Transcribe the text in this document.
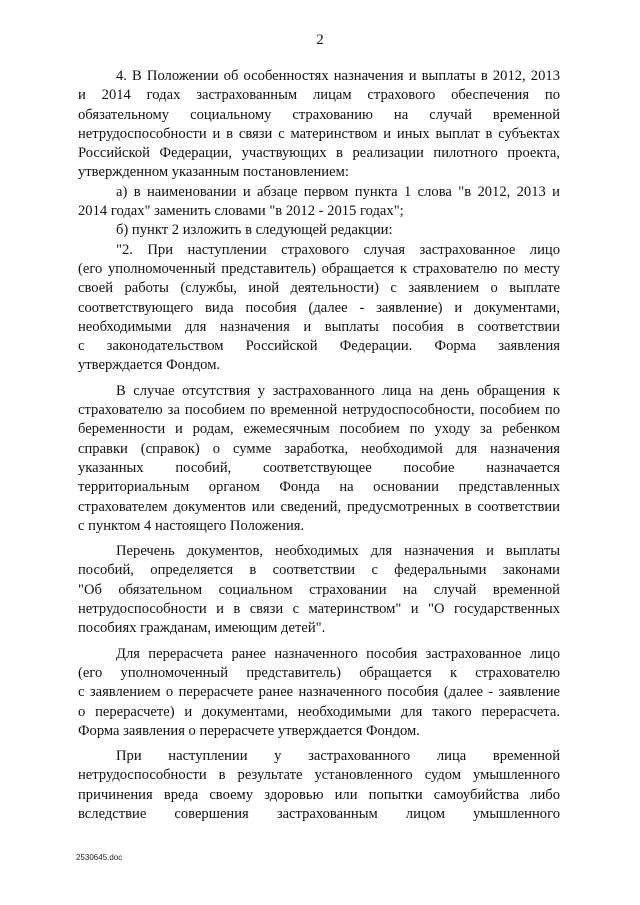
2
4. В Положении об особенностях назначения и выплаты в 2012, 2013
и 2014 годах застрахованным лицам страхового обеспечения по
обязательному социальному страхованию на случай временной
нетрудоспособности и в связи с материнством и иных выплат в субъектах
Российской Федерации, участвующих в реализации пилотного проекта,
утвержденном указанным постановлением:
а) в наименовании и абзаце первом пункта 1 слова "в 2012, 2013 и
2014 годах" заменить словами "в 2012 - 2015 годах";
б) пункт 2 изложить в следующей редакции:
"2. При наступлении страхового случая застрахованное лицо
(его уполномоченный представитель) обращается к страхователю по месту
своей работы (службы, иной деятельности) с заявлением о выплате
соответствующего вида пособия (далее - заявление) и документами,
необходимыми для назначения и выплаты пособия в соответствии
с законодательством Российской Федерации. Форма заявления
утверждается Фондом.
В случае отсутствия у застрахованного лица на день обращения к
страхователю за пособием по временной нетрудоспособности, пособием по
беременности и родам, ежемесячным пособием по уходу за ребенком
справки (справок) о сумме заработка, необходимой для назначения
указанных пособий, соответствующее пособие назначается
территориальным органом Фонда на основании представленных
страхователем документов или сведений, предусмотренных в соответствии
с пунктом 4 настоящего Положения.
Перечень документов, необходимых для назначения и выплаты
пособий, определяется в соответствии с федеральными законами
"Об обязательном социальном страховании на случай временной
нетрудоспособности и в связи с материнством" и "О государственных
пособиях гражданам, имеющим детей".
Для перерасчета ранее назначенного пособия застрахованное лицо
(его уполномоченный представитель) обращается к страхователю
с заявлением о перерасчете ранее назначенного пособия (далее - заявление
о перерасчете) и документами, необходимыми для такого перерасчета.
Форма заявления о перерасчете утверждается Фондом.
При наступлении у застрахованного лица временной
нетрудоспособности в результате установленного судом умышленного
причинения вреда своему здоровью или попытки самоубийства либо
вследствие совершения застрахованным лицом умышленного
2530645.doc
